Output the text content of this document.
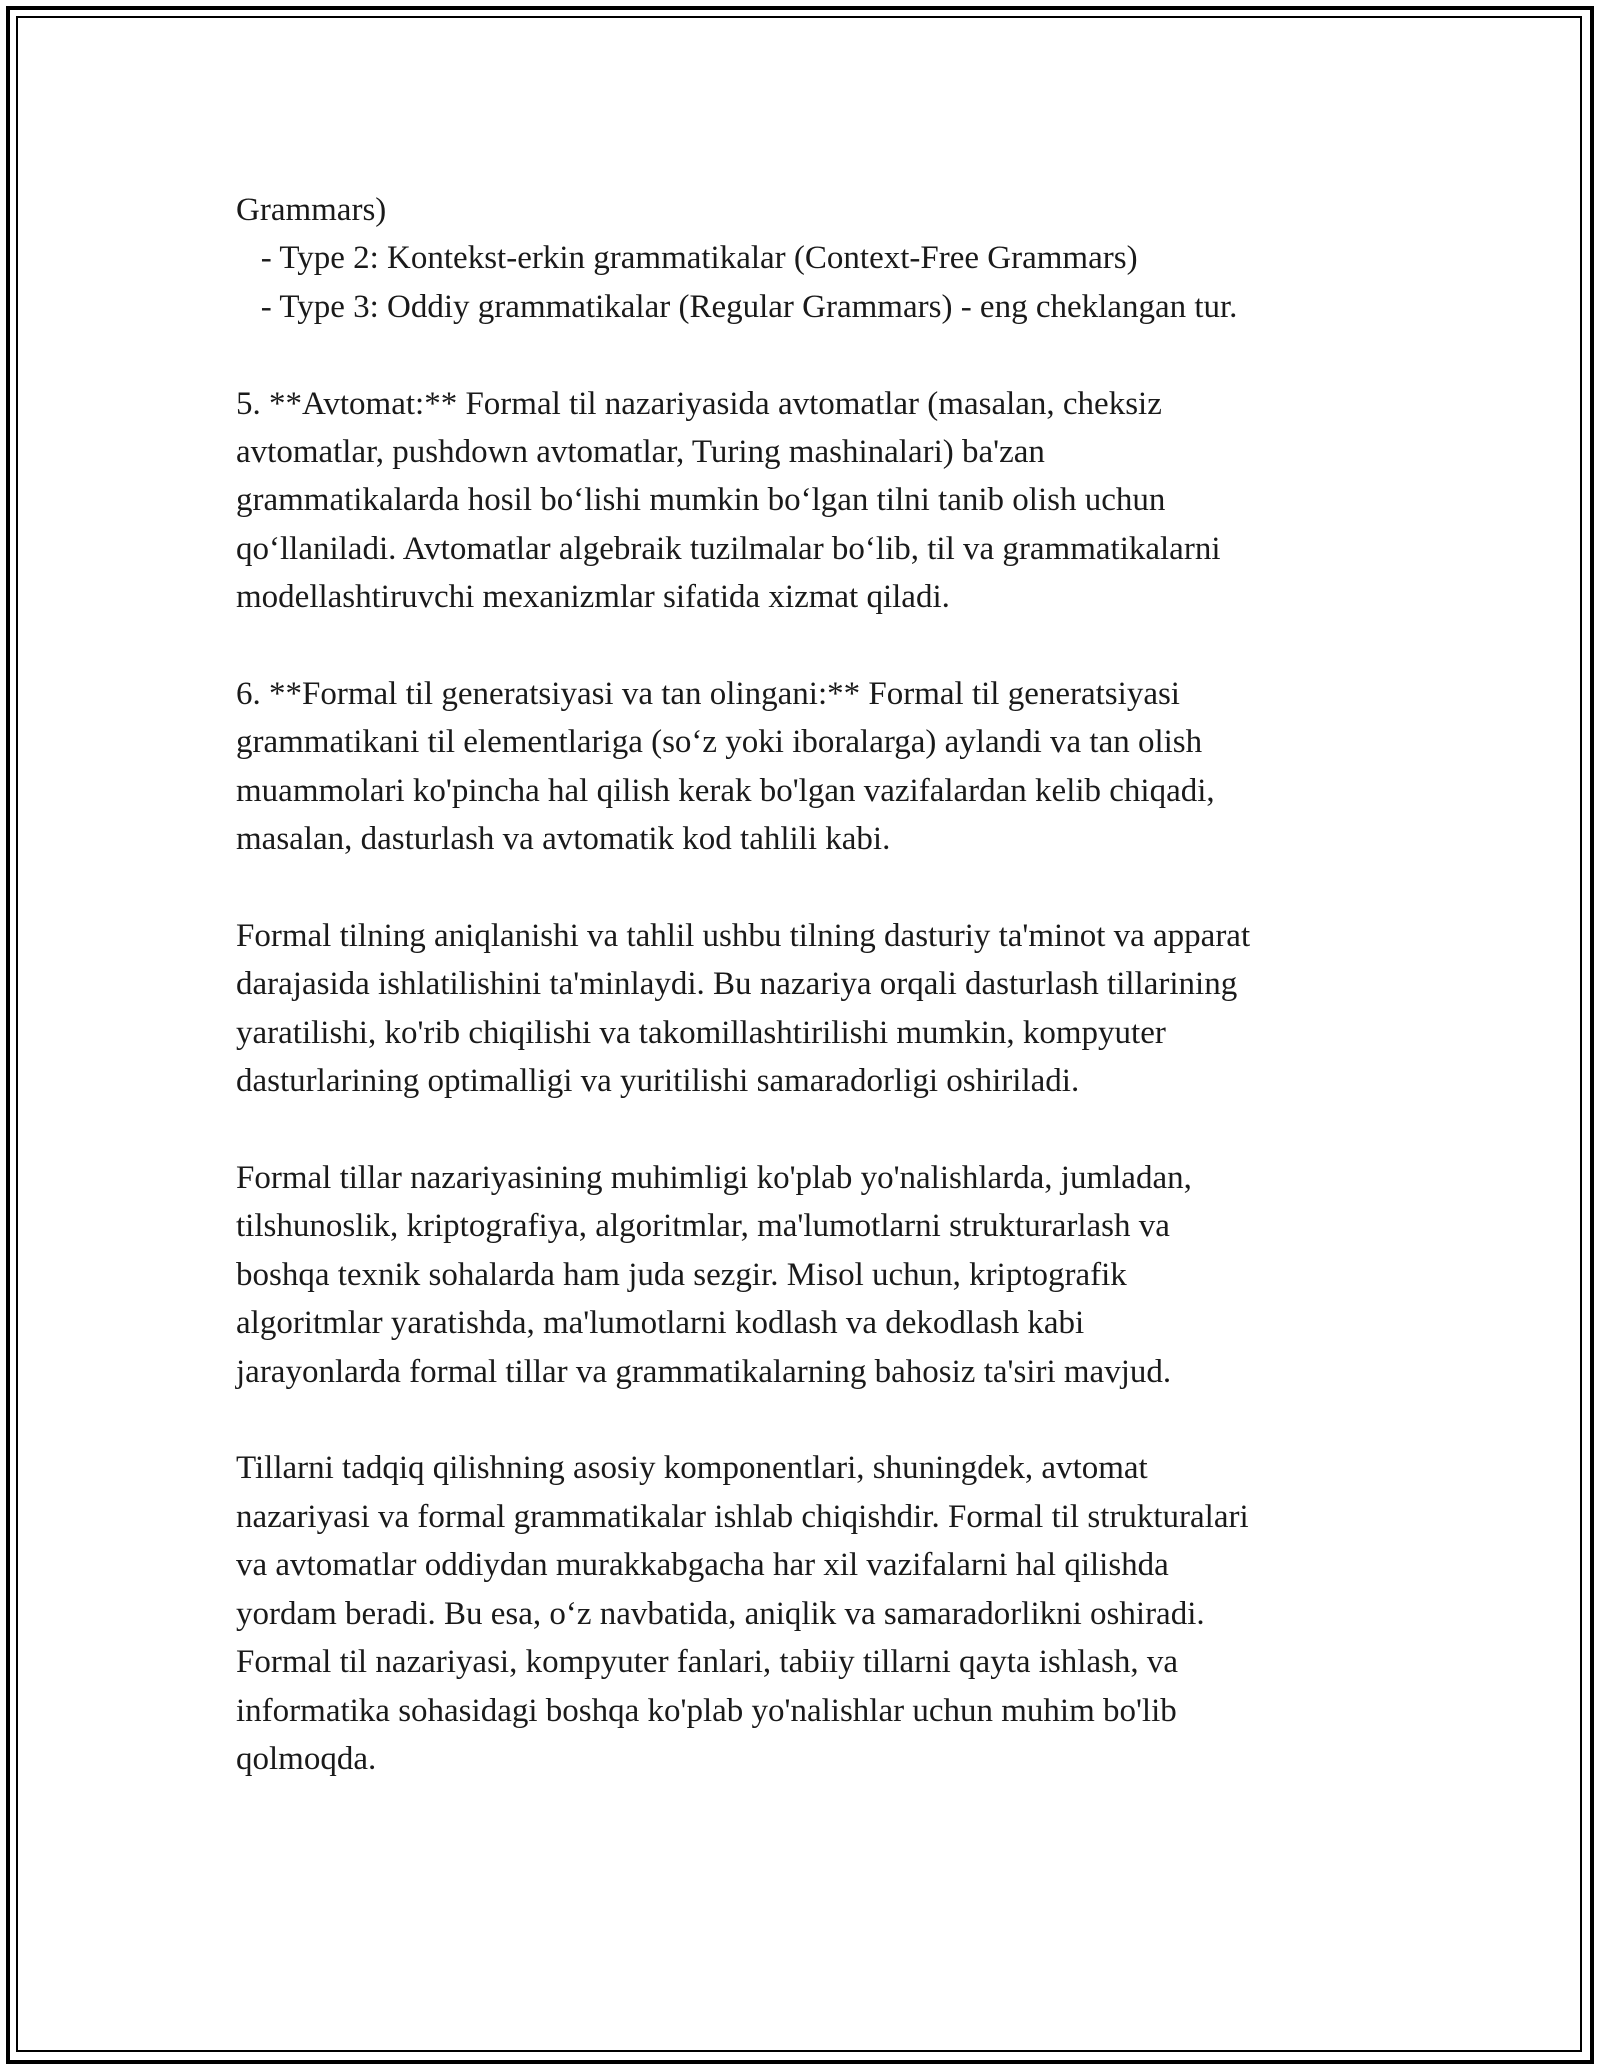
Grammars)
- Type 2: Kontekst-erkin grammatikalar (Context-Free Grammars)
- Type 3: Oddiy grammatikalar (Regular Grammars) - eng cheklangan tur.
5. **Avtomat:** Formal til nazariyasida avtomatlar (masalan, cheksiz
avtomatlar, pushdown avtomatlar, Turing mashinalari) ba'zan
grammatikalarda hosil bo‘lishi mumkin bo‘lgan tilni tanib olish uchun
qo‘llaniladi. Avtomatlar algebraik tuzilmalar bo‘lib, til va grammatikalarni
modellashtiruvchi mexanizmlar sifatida xizmat qiladi.
6. **Formal til generatsiyasi va tan olingani:** Formal til generatsiyasi
grammatikani til elementlariga (so‘z yoki iboralarga) aylandi va tan olish
muammolari ko'pincha hal qilish kerak bo'lgan vazifalardan kelib chiqadi,
masalan, dasturlash va avtomatik kod tahlili kabi.
Formal tilning aniqlanishi va tahlil ushbu tilning dasturiy ta'minot va apparat
darajasida ishlatilishini ta'minlaydi. Bu nazariya orqali dasturlash tillarining
yaratilishi, ko'rib chiqilishi va takomillashtirilishi mumkin, kompyuter
dasturlarining optimalligi va yuritilishi samaradorligi oshiriladi.
Formal tillar nazariyasining muhimligi ko'plab yo'nalishlarda, jumladan,
tilshunoslik, kriptografiya, algoritmlar, ma'lumotlarni strukturarlash va
boshqa texnik sohalarda ham juda sezgir. Misol uchun, kriptografik
algoritmlar yaratishda, ma'lumotlarni kodlash va dekodlash kabi
jarayonlarda formal tillar va grammatikalarning bahosiz ta'siri mavjud.
Tillarni tadqiq qilishning asosiy komponentlari, shuningdek, avtomat
nazariyasi va formal grammatikalar ishlab chiqishdir. Formal til strukturalari
va avtomatlar oddiydan murakkabgacha har xil vazifalarni hal qilishda
yordam beradi. Bu esa, o‘z navbatida, aniqlik va samaradorlikni oshiradi.
Formal til nazariyasi, kompyuter fanlari, tabiiy tillarni qayta ishlash, va
informatika sohasidagi boshqa ko'plab yo'nalishlar uchun muhim bo'lib
qolmoqda.
